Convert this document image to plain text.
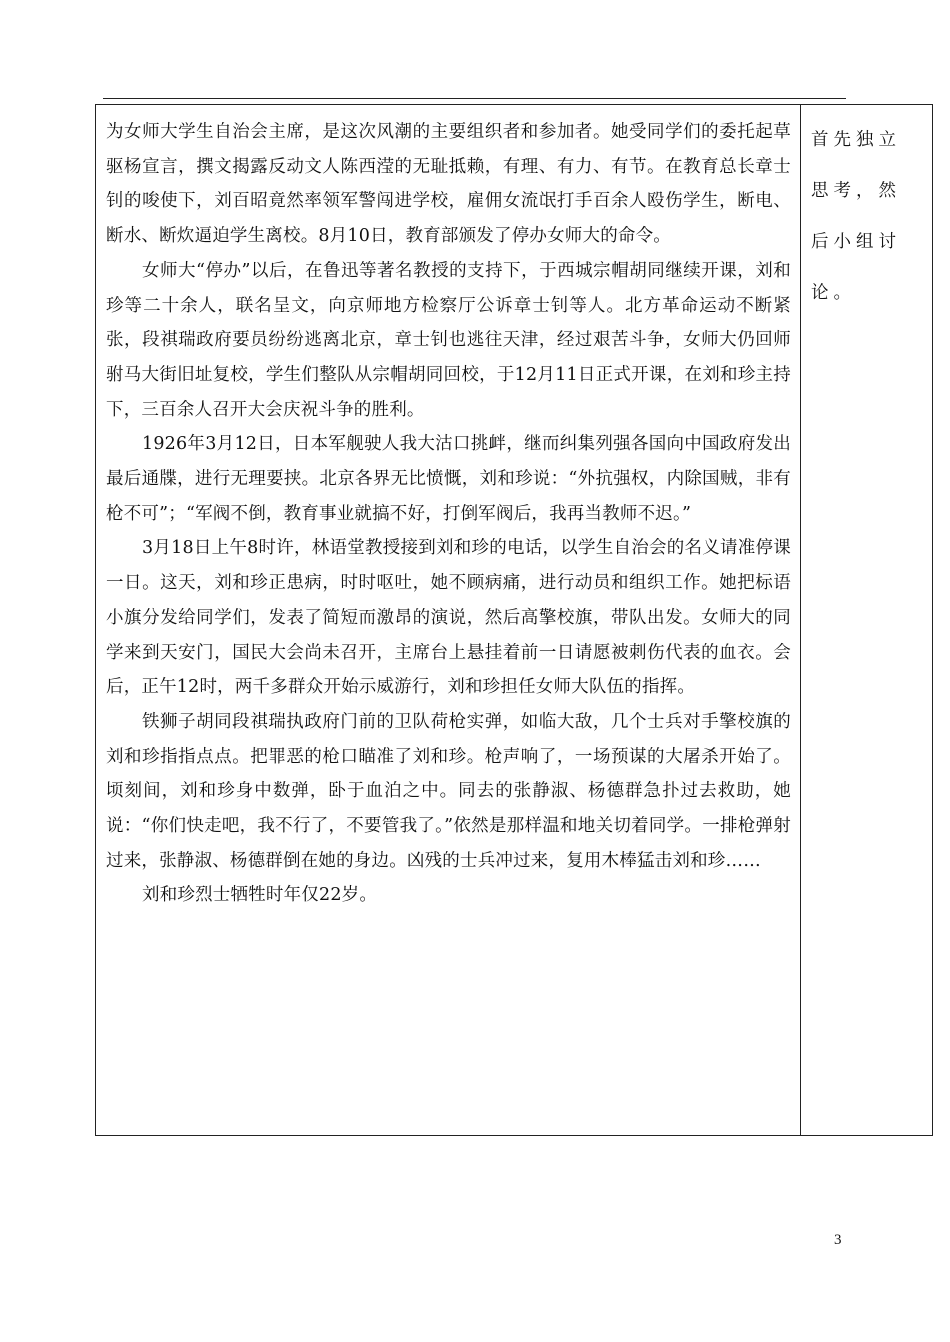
为女师大学生自治会主席，是这次风潮的主要组织者和参加者。她受同学们的委托起草驱杨宣言，撰文揭露反动文人陈西滢的无耻抵赖，有理、有力、有节。在教育总长章士钊的唆使下，刘百昭竟然率领军警闯进学校，雇佣女流氓打手百余人殴伤学生，断电、断水、断炊逼迫学生离校。8月10日，教育部颁发了停办女师大的命令。

女师大“停办”以后，在鲁迅等著名教授的支持下，于西城宗帽胡同继续开课，刘和珍等二十余人，联名呈文，向京师地方检察厅公诉章士钊等人。北方革命运动不断紧张，段祺瑞政府要员纷纷逃离北京，章士钊也逃往天津，经过艰苦斗争，女师大仍回师驸马大街旧址复校，学生们整队从宗帽胡同回校，于12月11日正式开课，在刘和珍主持下，三百余人召开大会庆祝斗争的胜利。

1926年3月12日，日本军舰驶人我大沽口挑衅，继而纠集列强各国向中国政府发出最后通牒，进行无理要挟。北京各界无比愤慨，刘和珍说：“外抗强权，内除国贼，非有枪不可”；“军阀不倒，教育事业就搞不好，打倒军阀后，我再当教师不迟。”

3月18日上午8时许，林语堂教授接到刘和珍的电话，以学生自治会的名义请准停课一日。这天，刘和珍正患病，时时呕吐，她不顾病痛，进行动员和组织工作。她把标语小旗分发给同学们，发表了简短而激昂的演说，然后高擎校旗，带队出发。女师大的同学来到天安门，国民大会尚未召开，主席台上悬挂着前一日请愿被刺伤代表的血衣。会后，正午12时，两千多群众开始示威游行，刘和珍担任女师大队伍的指挥。

铁狮子胡同段祺瑞执政府门前的卫队荷枪实弹，如临大敌，几个士兵对手擎校旗的刘和珍指指点点。把罪恶的枪口瞄准了刘和珍。枪声响了，一场预谋的大屠杀开始了。顷刻间，刘和珍身中数弹，卧于血泊之中。同去的张静淑、杨德群急扑过去救助，她说：“你们快走吧，我不行了，不要管我了。”依然是那样温和地关切着同学。一排枪弹射过来，张静淑、杨德群倒在她的身边。凶残的士兵冲过来，复用木棒猛击刘和珍……

刘和珍烈士牺牲时年仅22岁。

首先独立思考，然后小组讨论。

3
